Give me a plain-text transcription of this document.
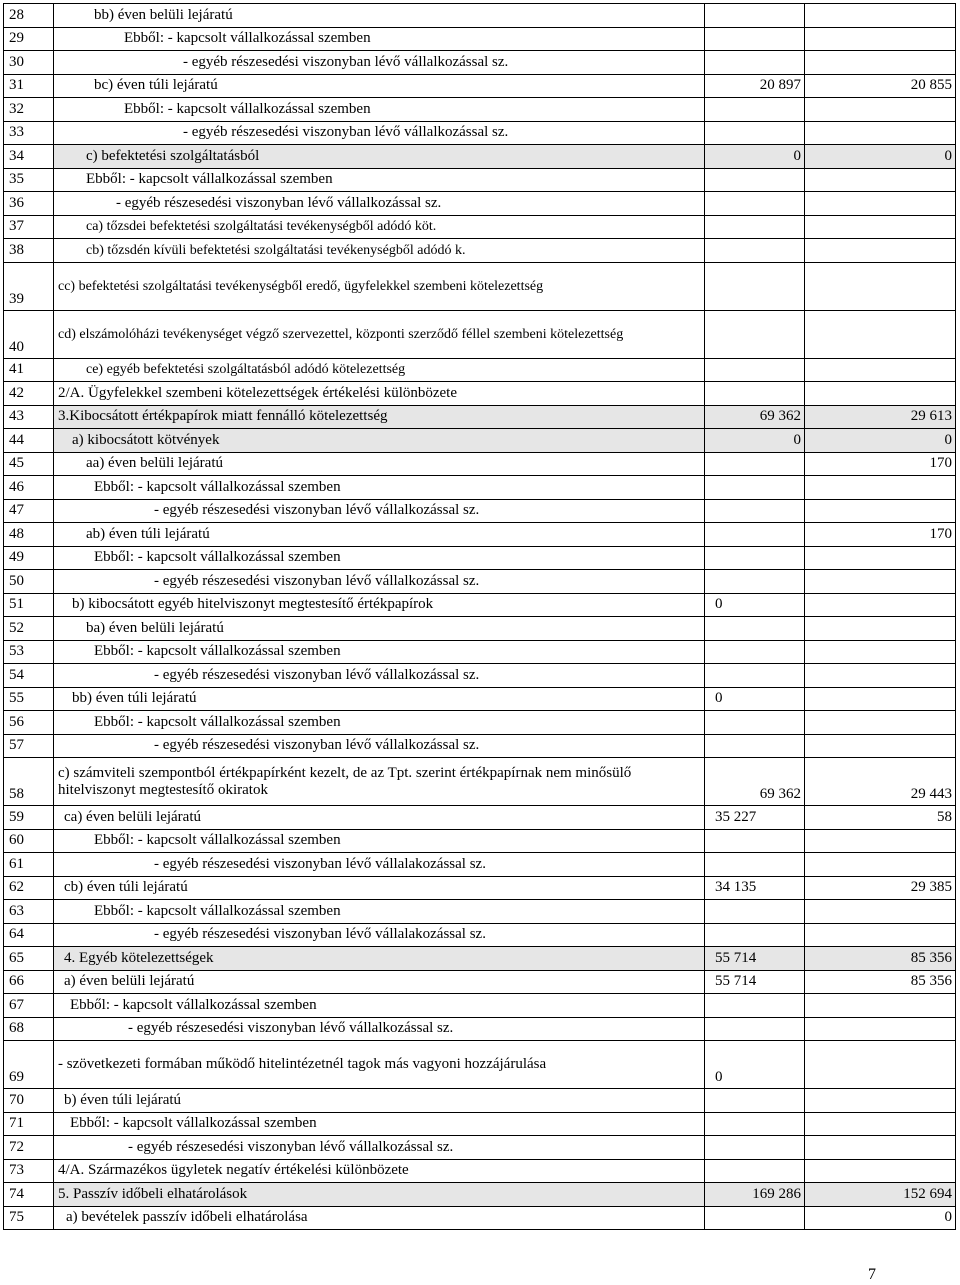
28	bb) éven belüli lejáratú		
29	Ebből: - kapcsolt vállalkozással szemben		
30	- egyéb részesedési viszonyban lévő vállalkozással sz.		
31	bc) éven túli lejáratú	20 897	20 855
32	Ebből: - kapcsolt vállalkozással szemben		
33	- egyéb részesedési viszonyban lévő vállalkozással sz.		
34	c) befektetési szolgáltatásból	0	0
35	Ebből: - kapcsolt vállalkozással szemben		
36	- egyéb részesedési viszonyban lévő vállalkozással sz.		
37	ca) tőzsdei befektetési szolgáltatási tevékenységből adódó köt.		
38	cb) tőzsdén kívüli befektetési szolgáltatási tevékenységből adódó k.		
39	cc) befektetési szolgáltatási tevékenységből eredő, ügyfelekkel szembeni kötelezettség		
40	cd) elszámolóházi tevékenységet végző szervezettel, központi szerződő féllel szembeni kötelezettség		
41	ce) egyéb befektetési szolgáltatásból adódó kötelezettség		
42	2/A. Ügyfelekkel szembeni kötelezettségek értékelési különbözete		
43	3.Kibocsátott értékpapírok miatt fennálló kötelezettség	69 362	29 613
44	a) kibocsátott kötvények	0	0
45	aa) éven belüli lejáratú		170
46	Ebből: - kapcsolt vállalkozással szemben		
47	- egyéb részesedési viszonyban lévő vállalkozással sz.		
48	ab) éven túli lejáratú		170
49	Ebből: - kapcsolt vállalkozással szemben		
50	- egyéb részesedési viszonyban lévő vállalkozással sz.		
51	b) kibocsátott egyéb hitelviszonyt megtestesítő értékpapírok	0	
52	ba) éven belüli lejáratú		
53	Ebből: - kapcsolt vállalkozással szemben		
54	- egyéb részesedési viszonyban lévő vállalkozással sz.		
55	bb) éven túli lejáratú	0	
56	Ebből: - kapcsolt vállalkozással szemben		
57	- egyéb részesedési viszonyban lévő vállalkozással sz.		
58	c) számviteli szempontból értékpapírként kezelt, de az Tpt. szerint értékpapírnak nem minősülő hitelviszonyt megtestesítő okiratok	69 362	29 443
59	ca) éven belüli lejáratú	35 227	58
60	Ebből: - kapcsolt vállalkozással szemben		
61	- egyéb részesedési viszonyban lévő vállalakozással sz.		
62	cb) éven túli lejáratú	34 135	29 385
63	Ebből: - kapcsolt vállalkozással szemben		
64	- egyéb részesedési viszonyban lévő vállalakozással sz.		
65	4. Egyéb kötelezettségek	55 714	85 356
66	a) éven belüli lejáratú	55 714	85 356
67	Ebből: - kapcsolt vállalkozással szemben		
68	- egyéb részesedési viszonyban lévő vállalkozással sz.		
69	- szövetkezeti formában működő hitelintézetnél tagok más vagyoni hozzájárulása	0	
70	b) éven túli lejáratú		
71	Ebből: - kapcsolt vállalkozással szemben		
72	- egyéb részesedési viszonyban lévő vállalkozással sz.		
73	4/A. Származékos ügyletek negatív értékelési különbözete		
74	5. Passzív időbeli elhatárolások	169 286	152 694
75	a) bevételek passzív időbeli elhatárolása		0
7
